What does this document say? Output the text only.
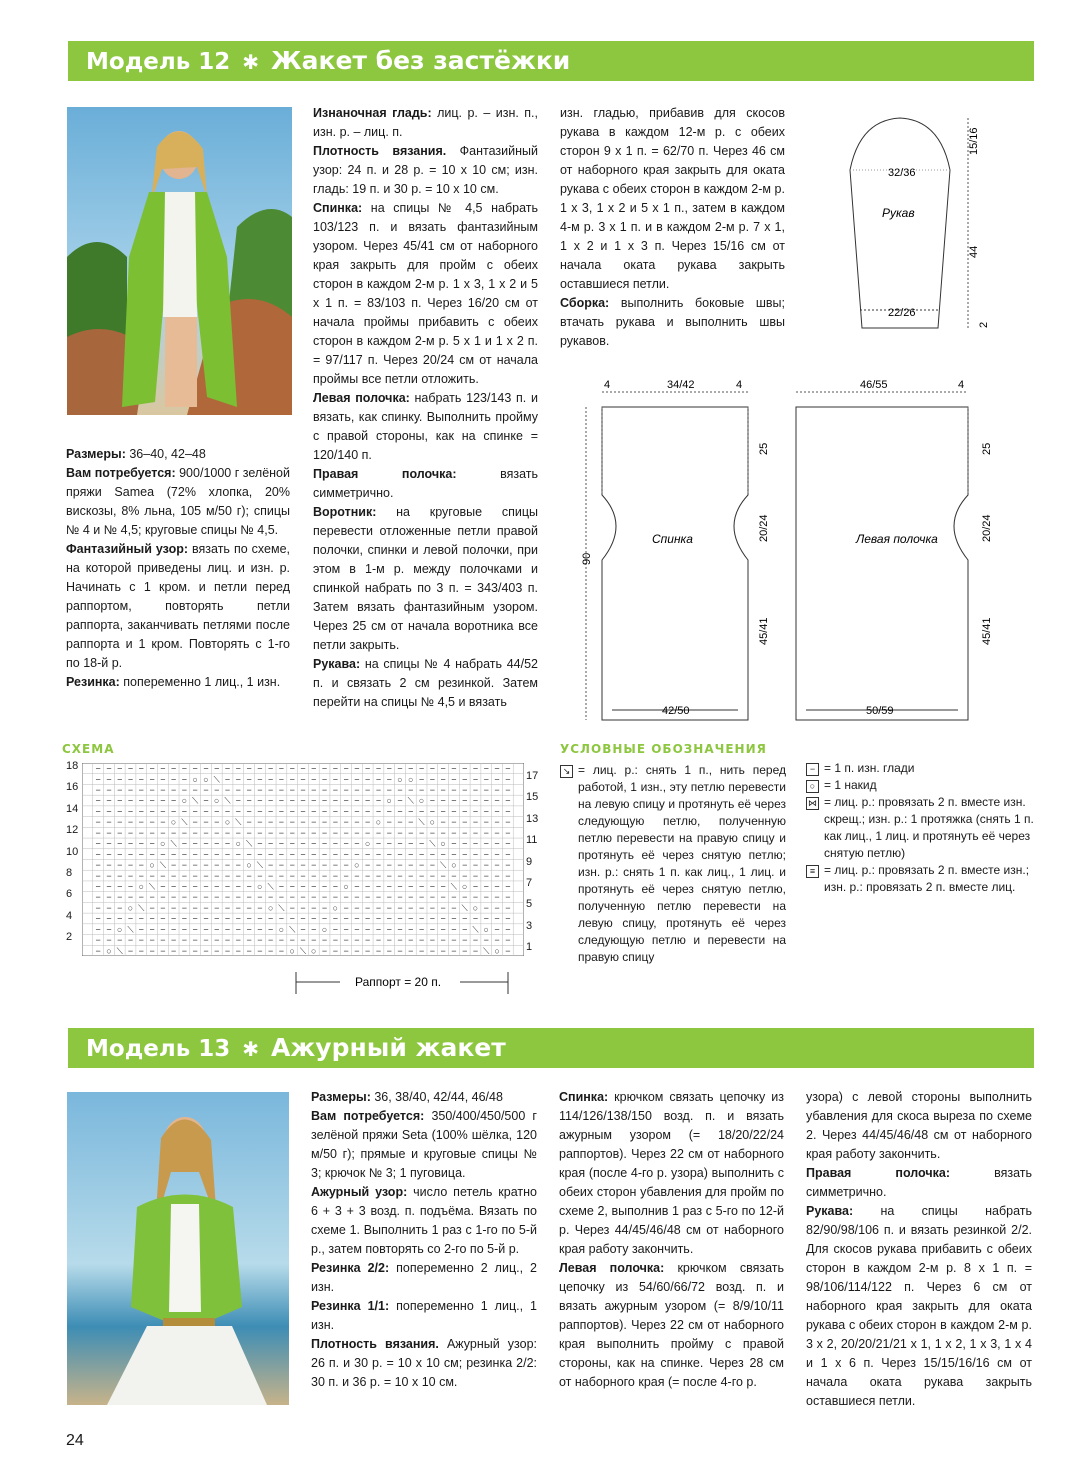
Модель 12 ✱ Жакет без застёжки

Размеры: 36–40, 42–48

Вам потребуется: 900/1000 г зелёной пряжи Samea (72% хлопка, 20% вискозы, 8% льна, 105 м/50 г); спицы № 4 и № 4,5; круговые спицы № 4,5.

Фантазийный узор: вязать по схеме, на которой приведены лиц. и изн. р. Начинать с 1 кром. и петли перед раппортом, повторять петли раппорта, заканчивать петлями после раппорта и 1 кром. Повторять с 1-го по 18-й р.

Резинка: попеременно 1 лиц., 1 изн.

Изнаночная гладь: лиц. р. – изн. п., изн. р. – лиц. п.

Плотность вязания. Фантазийный узор: 24 п. и 28 р. = 10 х 10 см; изн. гладь: 19 п. и 30 р. = 10 х 10 см.

Спинка: на спицы № 4,5 набрать 103/123 п. и вязать фантазийным узором. Через 45/41 см от наборного края закрыть для пройм с обеих сторон в каждом 2-м р. 1 х 3, 1 х 2 и 5 х 1 п. = 83/103 п. Через 16/20 см от начала проймы прибавить с обеих сторон в каждом 2-м р. 5 х 1 и 1 х 2 п. = 97/117 п. Через 20/24 см от начала проймы все петли отложить.

Левая полочка: набрать 123/143 п. и вязать, как спинку. Выполнить пройму с правой стороны, как на спинке = 120/140 п.

Правая полочка: вязать симметрично.

Воротник: на круговые спицы перевести отложенные петли правой полочки, спинки и левой полочки, при этом в 1-м р. между полочками и спинкой набрать по 3 п. = 343/403 п. Затем вязать фантазийным узором. Через 25 см от начала воротника все петли закрыть.

Рукава: на спицы № 4 набрать 44/52 п. и связать 2 см резинкой. Затем перейти на спицы № 4,5 и вязать

изн. гладью, прибавив для скосов рукава в каждом 12-м р. с обеих сторон 9 х 1 п. = 62/70 п. Через 46 см от наборного края закрыть для оката рукава с обеих сторон в каждом 2-м р. 1 х 3, 1 х 2 и 5 х 1 п., затем в каждом 4-м р. 3 х 1 п. и в каждом 2-м р. 7 х 1, 1 х 2 и 1 х 3 п. Через 15/16 см от начала оката рукава закрыть оставшиеся петли.

Сборка: выполнить боковые швы; втачать рукава и выполнить швы рукавов.

32/36
Рукав
22/26
15/16
44
2
4	34/42	4
Спинка
42/50
90
25
20/24
45/41
46/55	4
Левая полочка
50/59
25
20/24
45/41
СХЕМА
18
16
14
12
10
8
6
4
2
− − − − − − − − − − − − − − − − − − − − − − − − − − − − − − − − − − − − − − −
− − − − − − − − − ○ ○ ⟍ − − − − − − − − − − − − − − − − ○ ○ − − − − − − − − −
− − − − − − − − − − − − − − − − − − − − − − − − − − − − − − − − − − − − − − −
− − − − − − − − ○ ⟍ − ○ ⟍ − − − − − − − − − − − − − − ○ − ⟍ ○ − − − − − − − −
− − − − − − − − − − − − − − − − − − − − − − − − − − − − − − − − − − − − − − −
− − − − − − − ○ ⟍ − − − ○ ⟍ − − − − − − − − − − − − ○ − − − ⟍ ○ − − − − − − −
− − − − − − − − − − − − − − − − − − − − − − − − − − − − − − − − − − − − − − −
− − − − − − ○ ⟍ − − − − − ○ ⟍ − − − − − − − − − − ○ − − − − − ⟍ ○ − − − − − −
− − − − − − − − − − − − − − − − − − − − − − − − − − − − − − − − − − − − − − −
− − − − − ○ ⟍ − − − − − − − ○ ⟍ − − − − − − − − ○ − − − − − − − ⟍ ○ − − − − −
− − − − − − − − − − − − − − − − − − − − − − − − − − − − − − − − − − − − − − −
− − − − ○ ⟍ − − − − − − − − − ○ ⟍ − − − − − − ○ − − − − − − − − − ⟍ ○ − − − −
− − − − − − − − − − − − − − − − − − − − − − − − − − − − − − − − − − − − − − −
− − − ○ ⟍ − − − − − − − − − − − ○ ⟍ − − − − ○ − − − − − − − − − − − ⟍ ○ − − −
− − − − − − − − − − − − − − − − − − − − − − − − − − − − − − − − − − − − − − −
− − ○ ⟍ − − − − − − − − − − − − − ○ ⟍ − − ○ − − − − − − − − − − − − − ⟍ ○ − −
− − − − − − − − − − − − − − − − − − − − − − − − − − − − − − − − − − − − − − −
− ○ ⟍ − − − − − − − − − − − − − − − ○ ⟍ ○ − − − − − − − − − − − − − − − ⟍ ○ −
17
15
13
11
9
7
5
3
1
Раппорт = 20 п.
УСЛОВНЫЕ ОБОЗНАЧЕНИЯ
↘ = лиц. р.: снять 1 п., нить перед работой, 1 изн., эту петлю перевести на левую спицу и протянуть её через следующую петлю, полученную петлю перевести на правую спицу и протянуть её через снятую петлю; изн. р.: снять 1 п. как лиц., 1 лиц. и протянуть её через снятую петлю, полученную петлю перевести на левую спицу, протянуть её через следующую петлю и перевести на правую спицу
− = 1 п. изн. глади
○ = 1 накид
⋈ = лиц. р.: провязать 2 п. вместе изн. скрещ.; изн. р.: 1 протяжка (снять 1 п. как лиц., 1 лиц. и протянуть её через снятую петлю)
≡ = лиц. р.: провязать 2 п. вместе изн.; изн. р.: провязать 2 п. вместе лиц.
Модель 13 ✱ Ажурный жакет

Размеры: 36, 38/40, 42/44, 46/48

Вам потребуется: 350/400/450/500 г зелёной пряжи Seta (100% шёлка, 120 м/50 г); прямые и круговые спицы № 3; крючок № 3; 1 пуговица.

Ажурный узор: число петель кратно 6 + 3 + 3 возд. п. подъёма. Вязать по схеме 1. Выполнить 1 раз с 1-го по 5-й р., затем повторять со 2-го по 5-й р.

Резинка 2/2: попеременно 2 лиц., 2 изн.

Резинка 1/1: попеременно 1 лиц., 1 изн.

Плотность вязания. Ажурный узор: 26 п. и 30 р. = 10 х 10 см; резинка 2/2: 30 п. и 36 р. = 10 х 10 см.

Спинка: крючком связать цепочку из 114/126/138/150 возд. п. и вязать ажурным узором (= 18/20/22/24 раппортов). Через 22 см от наборного края (после 4-го р. узора) выполнить с обеих сторон убавления для пройм по схеме 2, выполнив 1 раз с 5-го по 12-й р. Через 44/45/46/48 см от наборного края работу закончить.

Левая полочка: крючком связать цепочку из 54/60/66/72 возд. п. и вязать ажурным узором (= 8/9/10/11 раппортов). Через 22 см от наборного края выполнить пройму с правой стороны, как на спинке. Через 28 см от наборного края (= после 4-го р.

узора) с левой стороны выполнить убавления для скоса выреза по схеме 2. Через 44/45/46/48 см от наборного края работу закончить.

Правая полочка: вязать симметрично.

Рукава: на спицы набрать 82/90/98/106 п. и вязать резинкой 2/2. Для скосов рукава прибавить с обеих сторон в каждом 2-м р. 8 х 1 п. = 98/106/114/122 п. Через 6 см от наборного края закрыть для оката рукава с обеих сторон в каждом 2-м р. 3 х 2, 20/20/21/21 х 1, 1 х 2, 1 х 3, 1 х 4 и 1 х 6 п. Через 15/15/16/16 см от начала оката рукава закрыть оставшиеся петли.

24
